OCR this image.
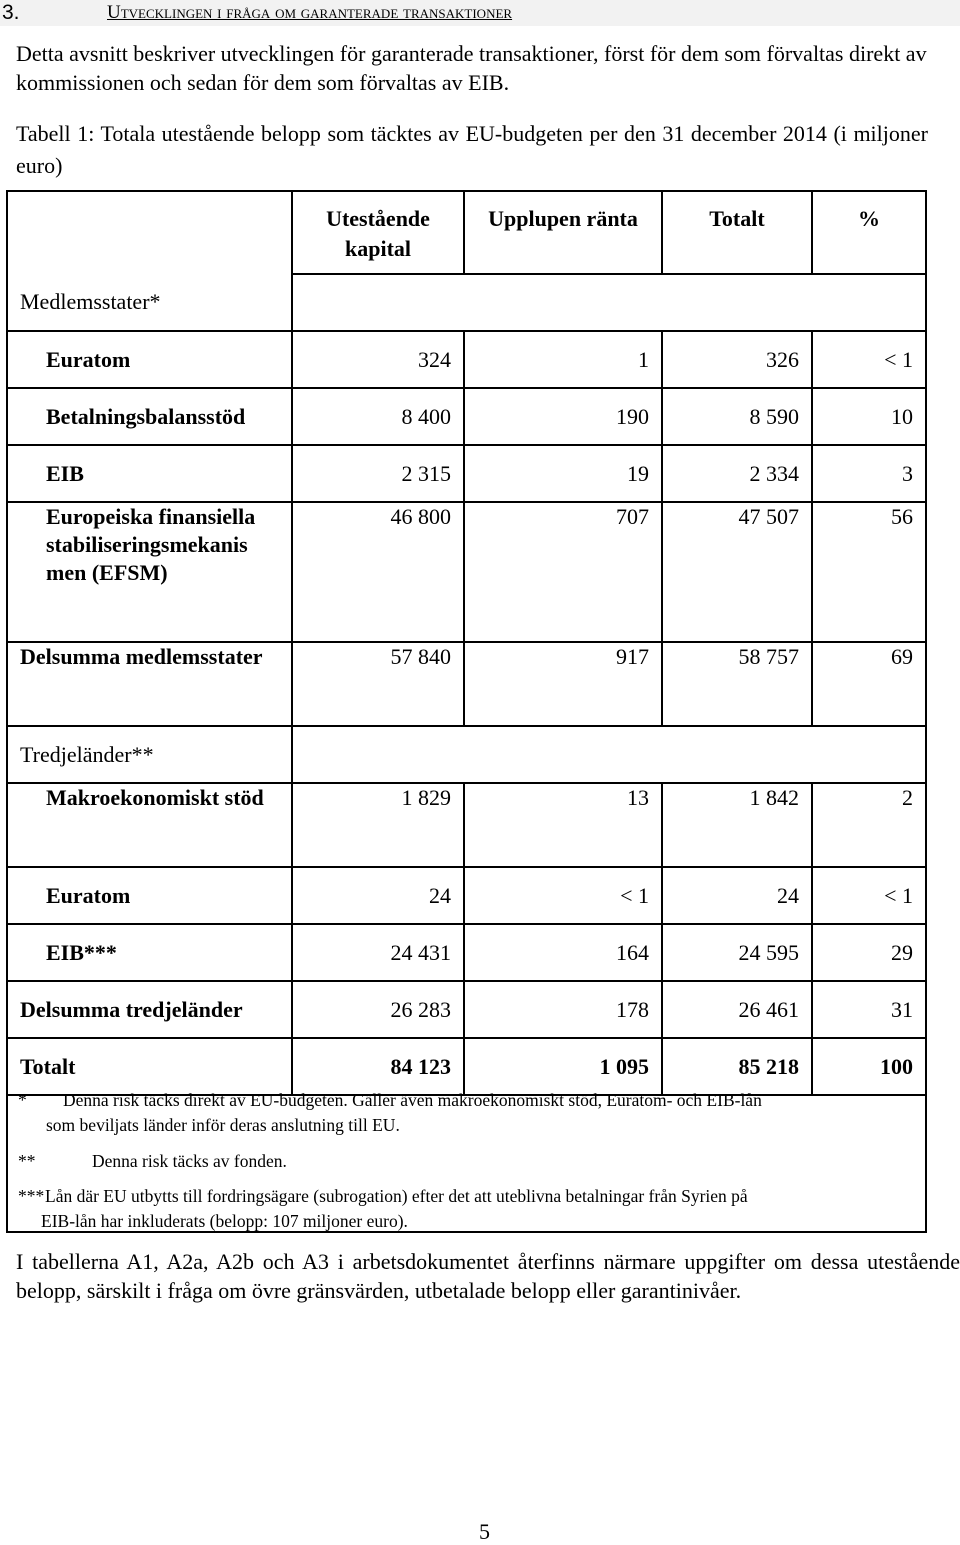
3.	Utvecklingen i fråga om garanterade transaktioner
Detta avsnitt beskriver utvecklingen för garanterade transaktioner, först för dem som förvaltas direkt av kommissionen och sedan för dem som förvaltas av EIB.
Tabell 1: Totala utestående belopp som täcktes av EU-budgeten per den 31 december 2014 (i miljoner euro)
	Utestående kapital	Upplupen ränta	Totalt	%
Medlemsstater*				
Euratom	324	1	326	< 1
Betalningsbalansstöd	8 400	190	8 590	10
EIB	2 315	19	2 334	3
Europeiska finansiella stabiliseringsmekanis men (EFSM)	46 800	707	47 507	56
Delsumma medlemsstater	57 840	917	58 757	69
Tredjeländer**				
Makroekonomiskt stöd	1 829	13	1 842	2
Euratom	24	< 1	24	< 1
EIB***	24 431	164	24 595	29
Delsumma tredjeländer	26 283	178	26 461	31
Totalt	84 123	1 095	85 218	100
* Denna risk täcks direkt av EU-budgeten. Gäller även makroekonomiskt stöd, Euratom- och EIB-lån
som beviljats länder inför deras anslutning till EU.
**	Denna risk täcks av fonden.
*** Lån där EU utbytts till fordringsägare (subrogation) efter det att uteblivna betalningar från Syrien på
EIB-lån har inkluderats (belopp: 107 miljoner euro).
I tabellerna A1, A2a, A2b och A3 i arbetsdokumentet återfinns närmare uppgifter om dessa utestående belopp, särskilt i fråga om övre gränsvärden, utbetalade belopp eller garantinivåer.
5
